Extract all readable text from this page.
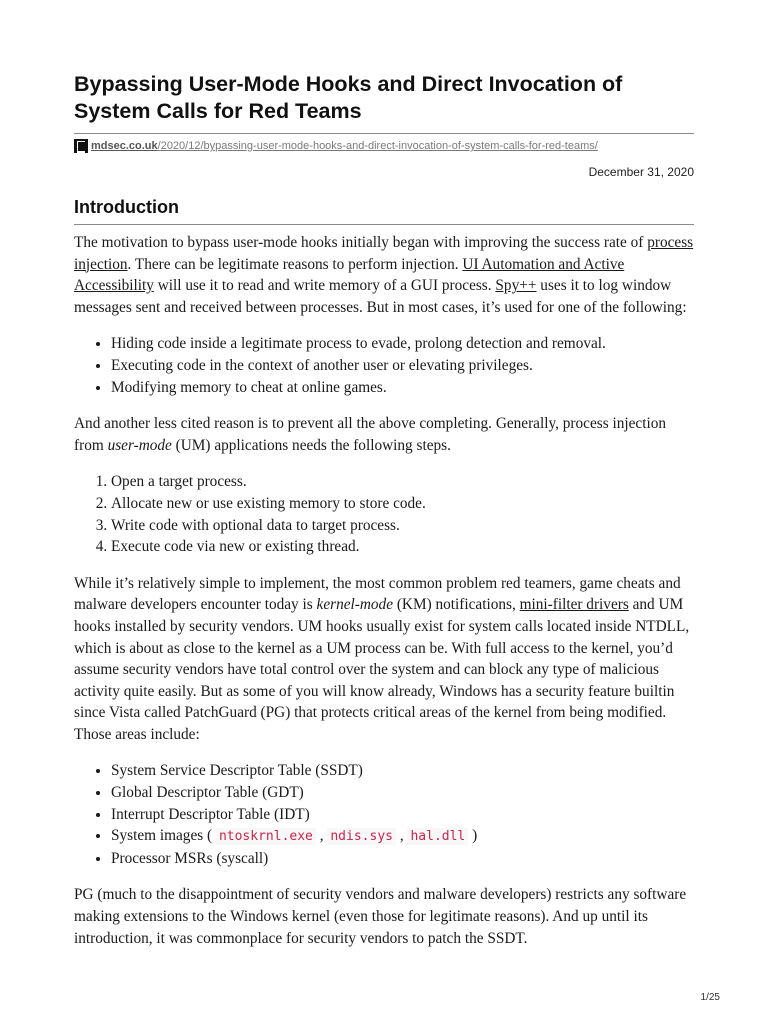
Bypassing User-Mode Hooks and Direct Invocation of System Calls for Red Teams
mdsec.co.uk /2020/12/bypassing-user-mode-hooks-and-direct-invocation-of-system-calls-for-red-teams/
December 31, 2020
Introduction

The motivation to bypass user-mode hooks initially began with improving the success rate of process injection. There can be legitimate reasons to perform injection. UI Automation and Active Accessibility will use it to read and write memory of a GUI process. Spy++ uses it to log window messages sent and received between processes. But in most cases, it’s used for one of the following:

• Hiding code inside a legitimate process to evade, prolong detection and removal.
• Executing code in the context of another user or elevating privileges.
• Modifying memory to cheat at online games.

And another less cited reason is to prevent all the above completing. Generally, process injection from user-mode (UM) applications needs the following steps.

1. Open a target process.
2. Allocate new or use existing memory to store code.
3. Write code with optional data to target process.
4. Execute code via new or existing thread.

While it’s relatively simple to implement, the most common problem red teamers, game cheats and malware developers encounter today is kernel-mode (KM) notifications, mini-filter drivers and UM hooks installed by security vendors. UM hooks usually exist for system calls located inside NTDLL, which is about as close to the kernel as a UM process can be. With full access to the kernel, you’d assume security vendors have total control over the system and can block any type of malicious activity quite easily. But as some of you will know already, Windows has a security feature builtin since Vista called PatchGuard (PG) that protects critical areas of the kernel from being modified. Those areas include:

• System Service Descriptor Table (SSDT)
• Global Descriptor Table (GDT)
• Interrupt Descriptor Table (IDT)
• System images ( ntoskrnl.exe , ndis.sys , hal.dll )
• Processor MSRs (syscall)

PG (much to the disappointment of security vendors and malware developers) restricts any software making extensions to the Windows kernel (even those for legitimate reasons). And up until its introduction, it was commonplace for security vendors to patch the SSDT.

1/25
